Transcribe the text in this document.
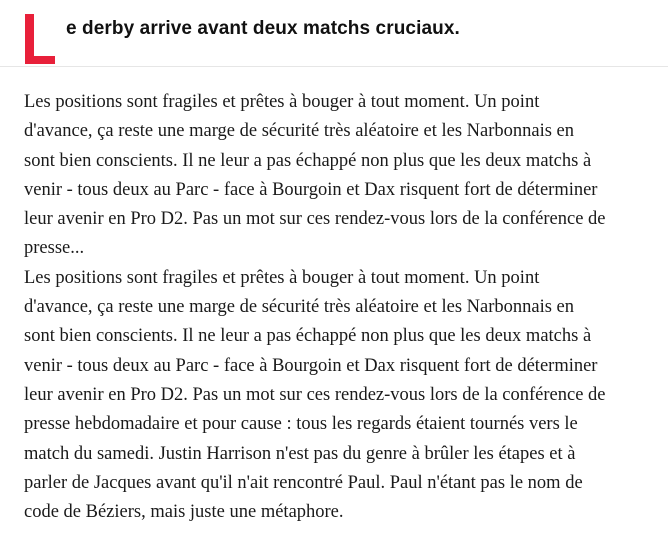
e derby arrive avant deux matchs cruciaux.

Les positions sont fragiles et prêtes à bouger à tout moment. Un point
d'avance, ça reste une marge de sécurité très aléatoire et les Narbonnais en
sont bien conscients. Il ne leur a pas échappé non plus que les deux matchs à
venir - tous deux au Parc - face à Bourgoin et Dax risquent fort de déterminer
leur avenir en Pro D2. Pas un mot sur ces rendez-vous lors de la conférence de
presse...

Les positions sont fragiles et prêtes à bouger à tout moment. Un point
d'avance, ça reste une marge de sécurité très aléatoire et les Narbonnais en
sont bien conscients. Il ne leur a pas échappé non plus que les deux matchs à
venir - tous deux au Parc - face à Bourgoin et Dax risquent fort de déterminer
leur avenir en Pro D2. Pas un mot sur ces rendez-vous lors de la conférence de
presse hebdomadaire et pour cause : tous les regards étaient tournés vers le
match du samedi. Justin Harrison n'est pas du genre à brûler les étapes et à
parler de Jacques avant qu'il n'ait rencontré Paul. Paul n'étant pas le nom de
code de Béziers, mais juste une métaphore.
